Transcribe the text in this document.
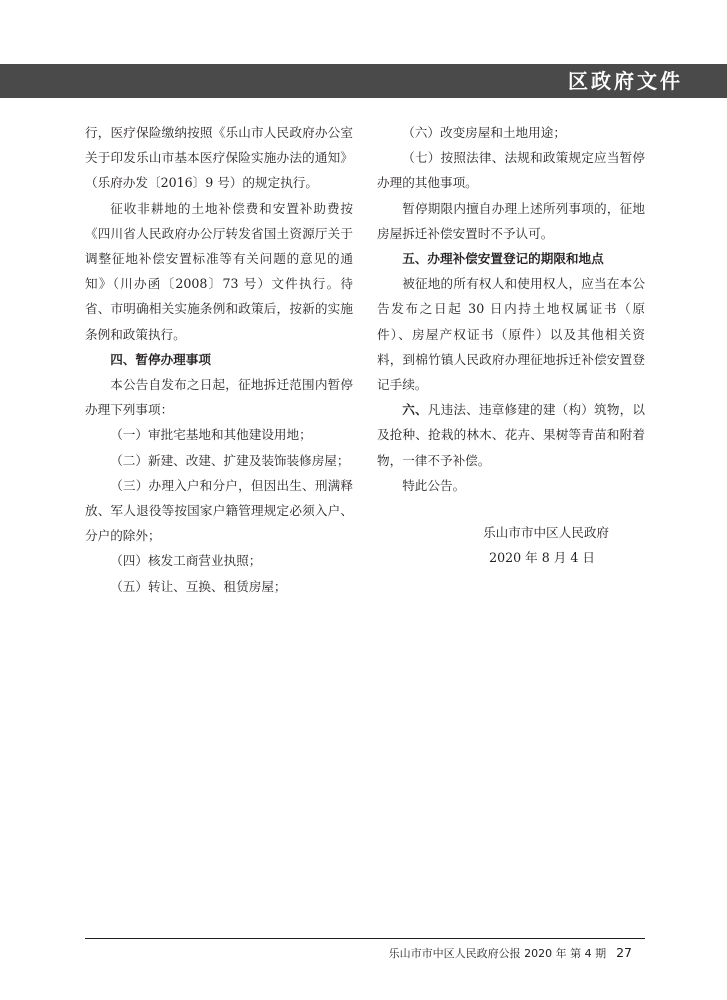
区政府文件

行，医疗保险缴纳按照《乐山市人民政府办公室关于印发乐山市基本医疗保险实施办法的通知》（乐府办发〔2016〕9 号）的规定执行。

征收非耕地的土地补偿费和安置补助费按《四川省人民政府办公厅转发省国土资源厅关于调整征地补偿安置标准等有关问题的意见的通知》（川办函〔2008〕73 号）文件执行。待省、市明确相关实施条例和政策后，按新的实施条例和政策执行。

四、暂停办理事项

本公告自发布之日起，征地拆迁范围内暂停办理下列事项：

（一）审批宅基地和其他建设用地；

（二）新建、改建、扩建及装饰装修房屋；

（三）办理入户和分户，但因出生、刑满释放、军人退役等按国家户籍管理规定必须入户、分户的除外；

（四）核发工商营业执照；

（五）转让、互换、租赁房屋；

（六）改变房屋和土地用途；

（七）按照法律、法规和政策规定应当暂停办理的其他事项。

暂停期限内擅自办理上述所列事项的，征地房屋拆迁补偿安置时不予认可。

五、办理补偿安置登记的期限和地点

被征地的所有权人和使用权人，应当在本公告发布之日起 30 日内持土地权属证书（原件）、房屋产权证书（原件）以及其他相关资料，到棉竹镇人民政府办理征地拆迁补偿安置登记手续。

六、凡违法、违章修建的建（构）筑物，以及抢种、抢栽的林木、花卉、果树等青苗和附着物，一律不予补偿。

特此公告。

乐山市市中区人民政府
2020 年 8 月 4 日
乐山市市中区人民政府公报 2020 年 第 4 期 27
